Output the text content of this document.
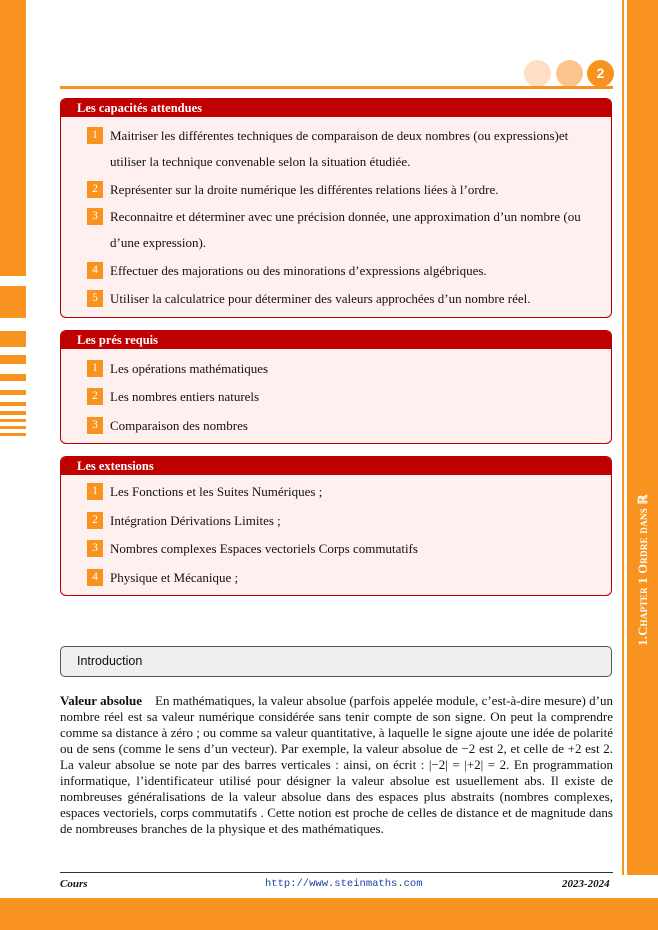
1.Chapter 1 Ordre dans ℝ
2
Les capacités attendues
1 Maitriser les différentes techniques de comparaison de deux nombres (ou expressions)et utiliser la technique convenable selon la situation étudiée.
2 Représenter sur la droite numérique les différentes relations liées à l’ordre.
3 Reconnaitre et déterminer avec une précision donnée, une approximation d’un nombre (ou d’une expression).
4 Effectuer des majorations ou des minorations d’expressions algébriques.
5 Utiliser la calculatrice pour déterminer des valeurs approchées d’un nombre réel.
Les prés requis
1 Les opérations mathématiques
2 Les nombres entiers naturels
3 Comparaison des nombres
Les extensions
1 Les Fonctions et les Suites Numériques ;
2 Intégration Dérivations Limites ;
3 Nombres complexes Espaces vectoriels Corps commutatifs
4 Physique et Mécanique ;
Introduction
Valeur absolue En mathématiques, la valeur absolue (parfois appelée module, c’est-à-dire mesure) d’un nombre réel est sa valeur numérique considérée sans tenir compte de son signe. On peut la comprendre comme sa distance à zéro ; ou comme sa valeur quantitative, à laquelle le signe ajoute une idée de polarité ou de sens (comme le sens d’un vecteur). Par exemple, la valeur absolue de −2 est 2, et celle de +2 est 2. La valeur absolue se note par des barres verticales : ainsi, on écrit : |−2| = |+2| = 2. En programmation informatique, l’identificateur utilisé pour désigner la valeur absolue est usuellement abs. Il existe de nombreuses généralisations de la valeur absolue dans des espaces plus abstraits (nombres complexes, espaces vectoriels, corps commutatifs . Cette notion est proche de celles de distance et de magnitude dans de nombreuses branches de la physique et des mathématiques.
Cours	http://www.steinmaths.com	2023-2024
